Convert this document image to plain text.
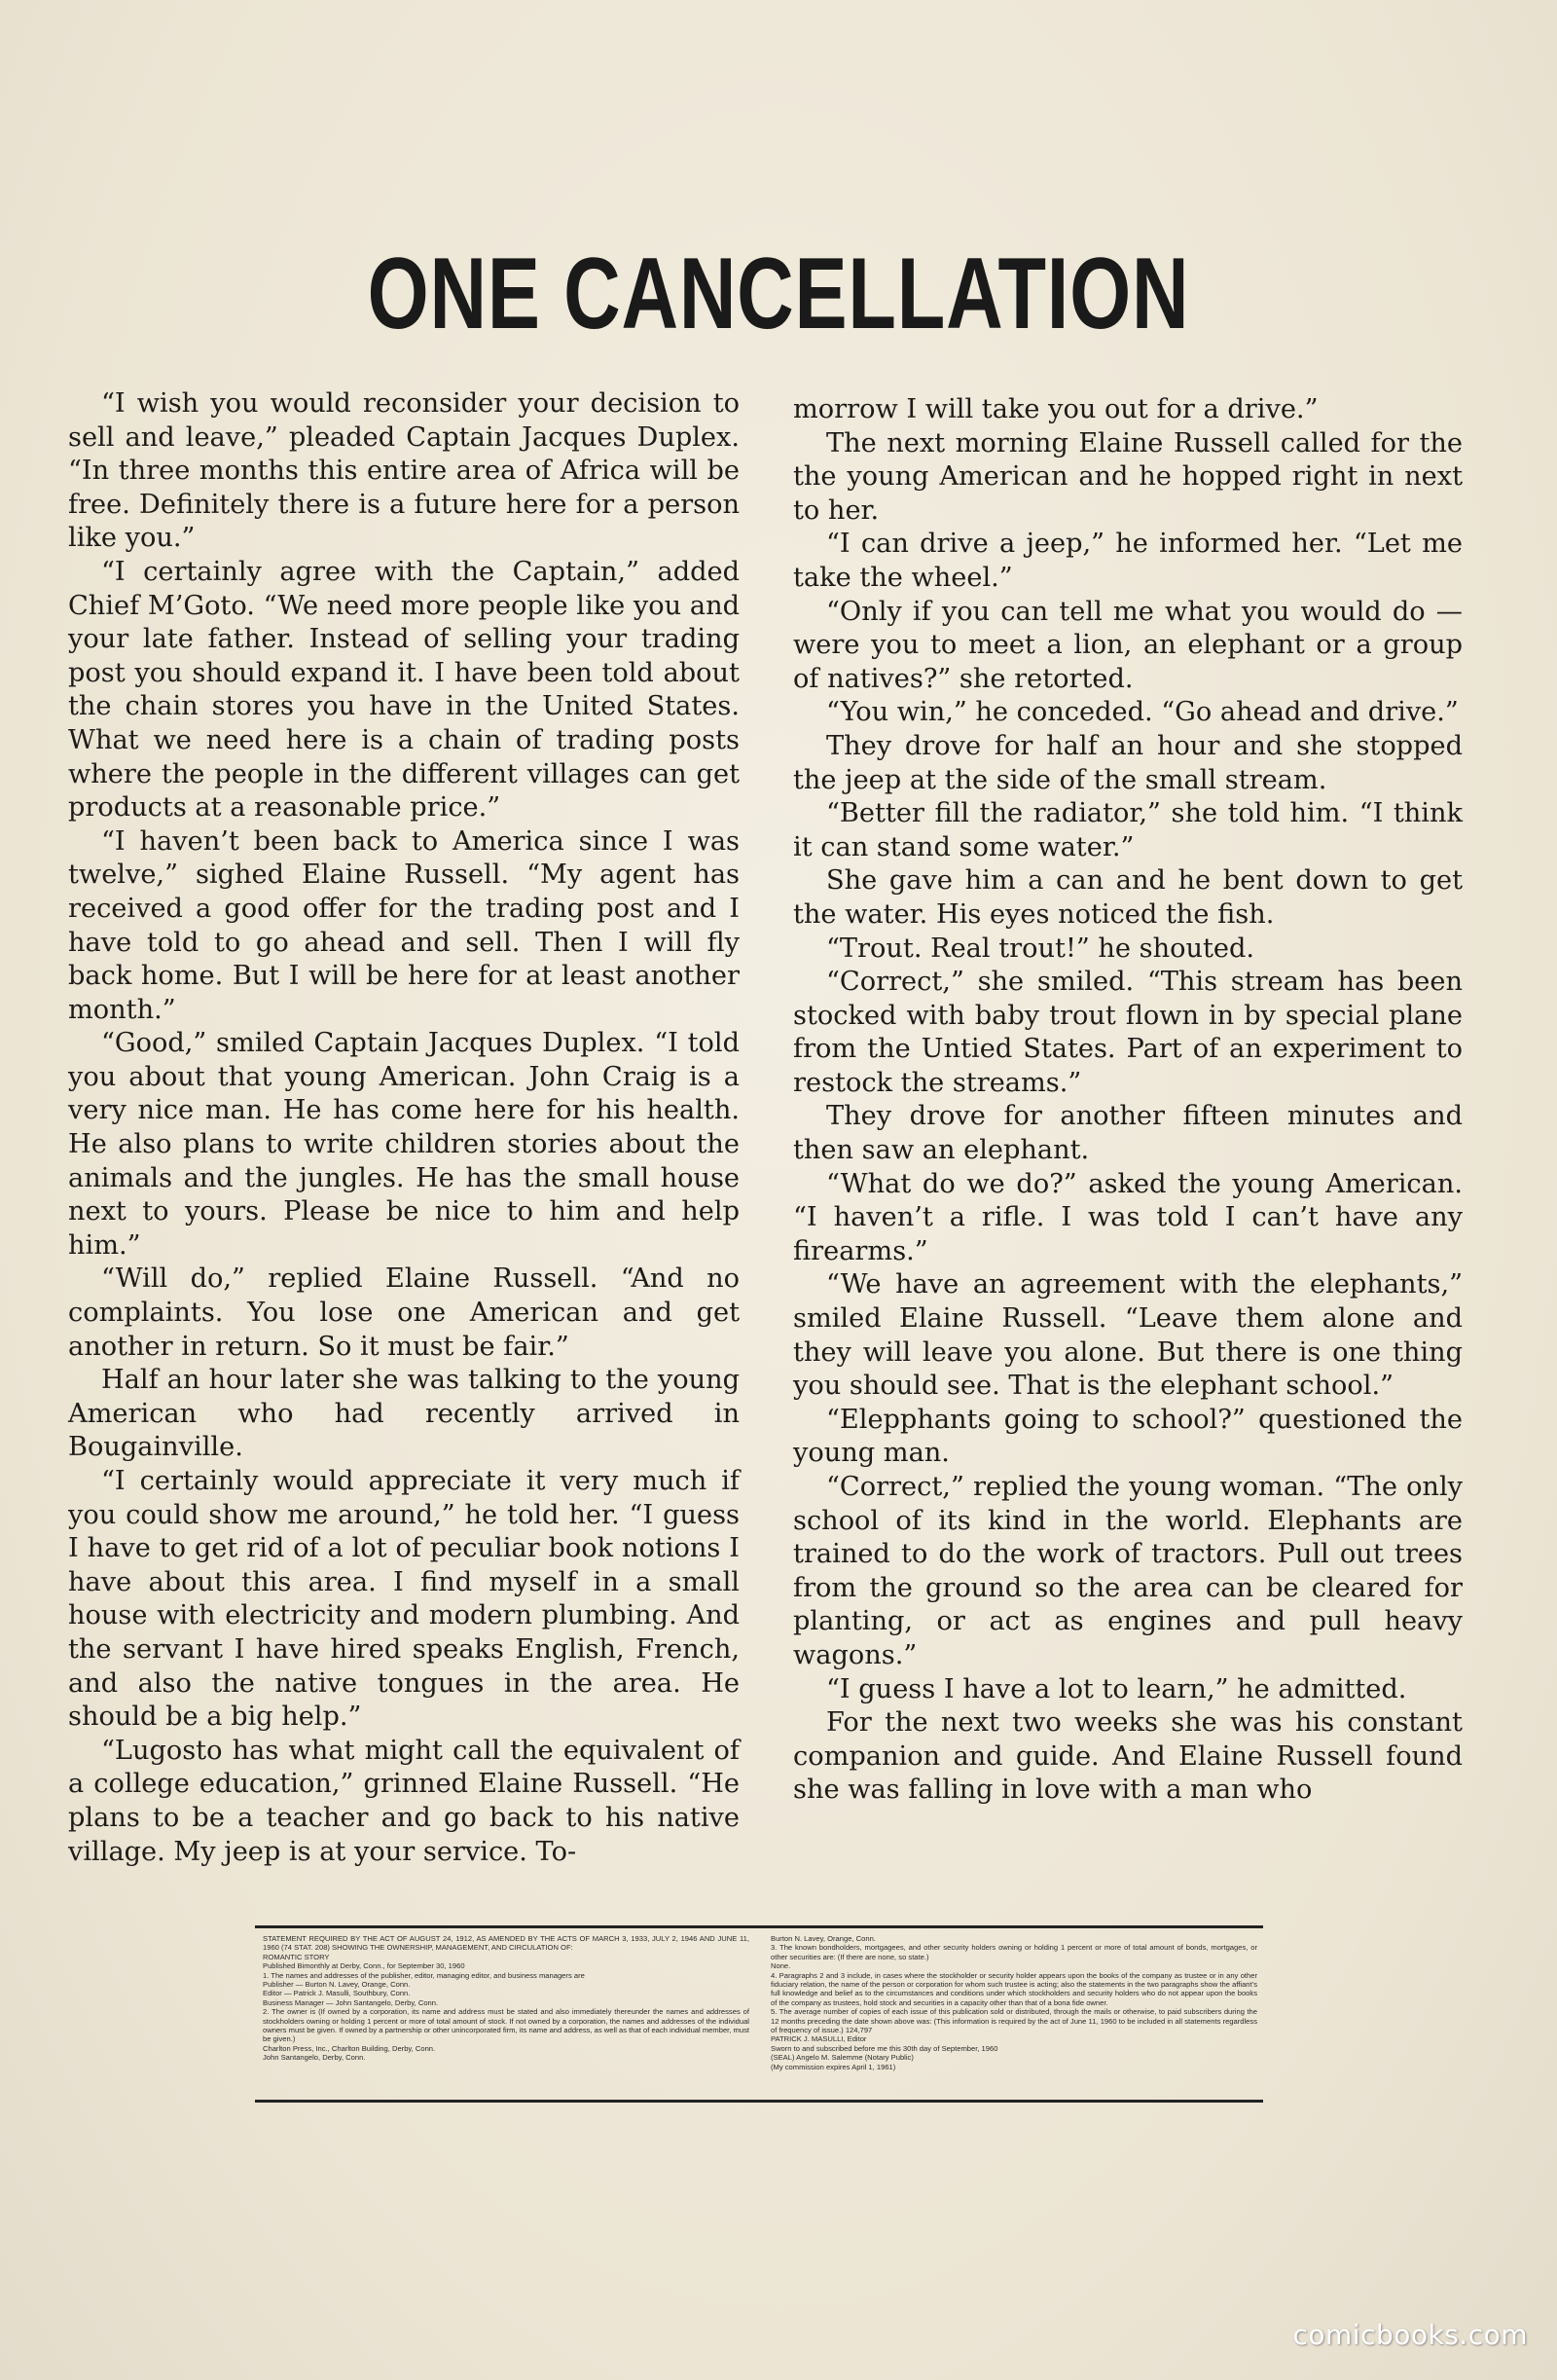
ONE CANCELLATION

“I wish you would reconsider your decision to sell and leave,” pleaded Captain Jacques Duplex. “In three months this entire area of Africa will be free. Definitely there is a future here for a person like you.”

“I certainly agree with the Captain,” added Chief M’Goto. “We need more people like you and your late father. Instead of selling your trading post you should expand it. I have been told about the chain stores you have in the United States. What we need here is a chain of trading posts where the people in the different villages can get products at a reasonable price.”

“I haven’t been back to America since I was twelve,” sighed Elaine Russell. “My agent has received a good offer for the trading post and I have told to go ahead and sell. Then I will fly back home. But I will be here for at least another month.”

“Good,” smiled Captain Jacques Duplex. “I told you about that young American. John Craig is a very nice man. He has come here for his health. He also plans to write children stories about the animals and the jungles. He has the small house next to yours. Please be nice to him and help him.”

“Will do,” replied Elaine Russell. “And no complaints. You lose one American and get another in return. So it must be fair.”

Half an hour later she was talking to the young American who had recently arrived in Bougainville.

“I certainly would appreciate it very much if you could show me around,” he told her. “I guess I have to get rid of a lot of peculiar book notions I have about this area. I find myself in a small house with electricity and modern plumbing. And the servant I have hired speaks English, French, and also the native tongues in the area. He should be a big help.”

“Lugosto has what might call the equivalent of a college education,” grinned Elaine Russell. “He plans to be a teacher and go back to his native village. My jeep is at your service. To-

morrow I will take you out for a drive.”

The next morning Elaine Russell called for the the young American and he hopped right in next to her.

“I can drive a jeep,” he informed her. “Let me take the wheel.”

“Only if you can tell me what you would do — were you to meet a lion, an elephant or a group of natives?” she retorted.

“You win,” he conceded. “Go ahead and drive.”

They drove for half an hour and she stopped the jeep at the side of the small stream.

“Better fill the radiator,” she told him. “I think it can stand some water.”

She gave him a can and he bent down to get the water. His eyes noticed the fish.

“Trout. Real trout!” he shouted.

“Correct,” she smiled. “This stream has been stocked with baby trout flown in by special plane from the Untied States. Part of an experiment to restock the streams.”

They drove for another fifteen minutes and then saw an elephant.

“What do we do?” asked the young American. “I haven’t a rifle. I was told I can’t have any firearms.”

“We have an agreement with the elephants,” smiled Elaine Russell. “Leave them alone and they will leave you alone. But there is one thing you should see. That is the elephant school.”

“Elepphants going to school?” questioned the young man.

“Correct,” replied the young woman. “The only school of its kind in the world. Elephants are trained to do the work of tractors. Pull out trees from the ground so the area can be cleared for planting, or act as engines and pull heavy wagons.”

“I guess I have a lot to learn,” he admitted.

For the next two weeks she was his constant companion and guide. And Elaine Russell found she was falling in love with a man who

STATEMENT REQUIRED BY THE ACT OF AUGUST 24, 1912, AS AMENDED BY THE ACTS OF MARCH 3, 1933, JULY 2, 1946 AND JUNE 11, 1960 (74 STAT. 208) SHOWING THE OWNERSHIP, MANAGEMENT, AND CIRCULATION OF:

ROMANTIC STORY

Published Bimonthly at Derby, Conn., for September 30, 1960

1. The names and addresses of the publisher, editor, managing editor, and business managers are

Publisher — Burton N. Lavey, Orange, Conn.

Editor — Patrick J. Masulli, Southbury, Conn.

Business Manager — John Santangelo, Derby, Conn.

2. The owner is (If owned by a corporation, its name and address must be stated and also immediately thereunder the names and addresses of stockholders owning or holding 1 percent or more of total amount of stock. If not owned by a corporation, the names and addresses of the individual owners must be given. If owned by a partnership or other unincorporated firm, its name and address, as well as that of each individual member, must be given.)

Charlton Press, Inc., Charlton Building, Derby, Conn.

John Santangelo, Derby, Conn.

Burton N. Lavey, Orange, Conn.

3. The known bondholders, mortgagees, and other security holders owning or holding 1 percent or more of total amount of bonds, mortgages, or other securities are: (If there are none, so state.)

None.

4. Paragraphs 2 and 3 include, in cases where the stockholder or security holder appears upon the books of the company as trustee or in any other fiduciary relation, the name of the person or corporation for whom such trustee is acting; also the statements in the two paragraphs show the affiant’s full knowledge and belief as to the circumstances and conditions under which stockholders and security holders who do not appear upon the books of the company as trustees, hold stock and securities in a capacity other than that of a bona fide owner.

5. The average number of copies of each issue of this publication sold or distributed, through the mails or otherwise, to paid subscribers during the 12 months preceding the date shown above was: (This information is required by the act of June 11, 1960 to be included in all statements regardless of frequency of issue.) 124,797

PATRICK J. MASULLI, Editor

Sworn to and subscribed before me this 30th day of September, 1960

(SEAL) Angelo M. Salemme (Notary Public)

(My commission expires April 1, 1961)

comicbooks.com
